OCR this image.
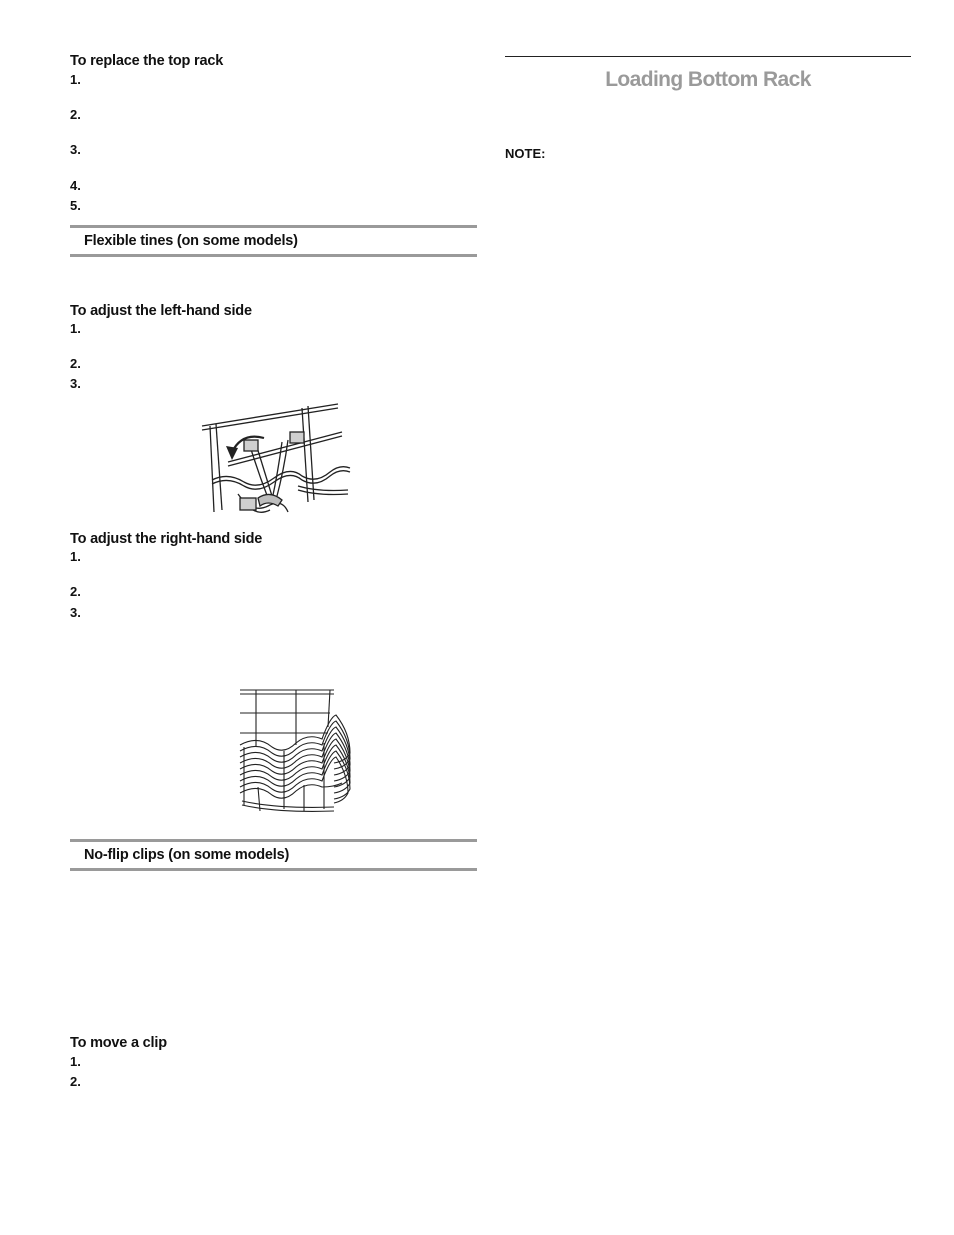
To replace the top rack
1.
2.
3.
4.
5.
Flexible tines (on some models)
To adjust the left-hand side
1.
2.
3.
To adjust the right-hand side
1.
2.
3.
No-flip clips (on some models)
To move a clip
1.
2.
Loading Bottom Rack
NOTE:
